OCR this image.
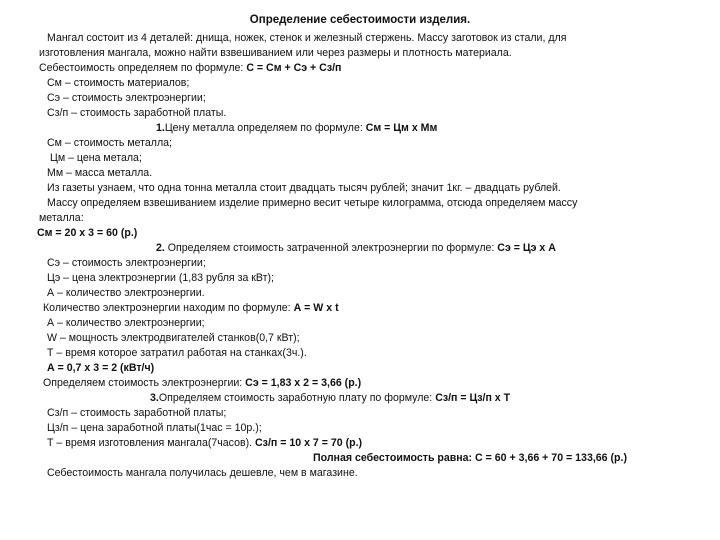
Определение себестоимости изделия.
Мангал состоит из 4 деталей: днища, ножек, стенок и железный стержень. Массу заготовок из стали, для
изготовления мангала, можно найти взвешиванием или через размеры и плотность материала.
Себестоимость определяем по формуле: С = См + Сэ + Сз/п
См – стоимость материалов;
Сэ – стоимость электроэнергии;
Сз/п – стоимость заработной платы.
1.Цену металла определяем по формуле: См = Цм х Мм
См – стоимость металла;
Цм – цена метала;
Мм – масса металла.
Из газеты узнаем, что одна тонна металла стоит двадцать тысяч рублей; значит 1кг. – двадцать рублей.
Массу определяем взвешиванием изделие примерно весит четыре килограмма, отсюда определяем массу
металла:
См = 20 х 3 = 60 (р.)
2. Определяем стоимость затраченной электроэнергии по формуле: Сэ = Цэ х А
Сэ – стоимость электроэнергии;
Цэ – цена электроэнергии (1,83 рубля за кВт);
А – количество электроэнергии.
Количество электроэнергии находим по формуле: А = W х t
А – количество электроэнергии;
W – мощность электродвигателей станков(0,7 кВт);
Т – время которое затратил работая на станках(3ч.).
А = 0,7 х 3 = 2 (кВт/ч)
Определяем стоимость электроэнергии: Сэ = 1,83 х 2 = 3,66 (р.)
3.Определяем стоимость заработную плату по формуле: Сз/п = Цз/п х Т
Сз/п – стоимость заработной платы;
Цз/п – цена заработной платы(1час = 10р.);
Т – время изготовления мангала(7часов). Сз/п = 10 х 7 = 70 (р.)
Полная себестоимость равна: С = 60 + 3,66 + 70 = 133,66 (р.)
Себестоимость мангала получилась дешевле, чем в магазине.
